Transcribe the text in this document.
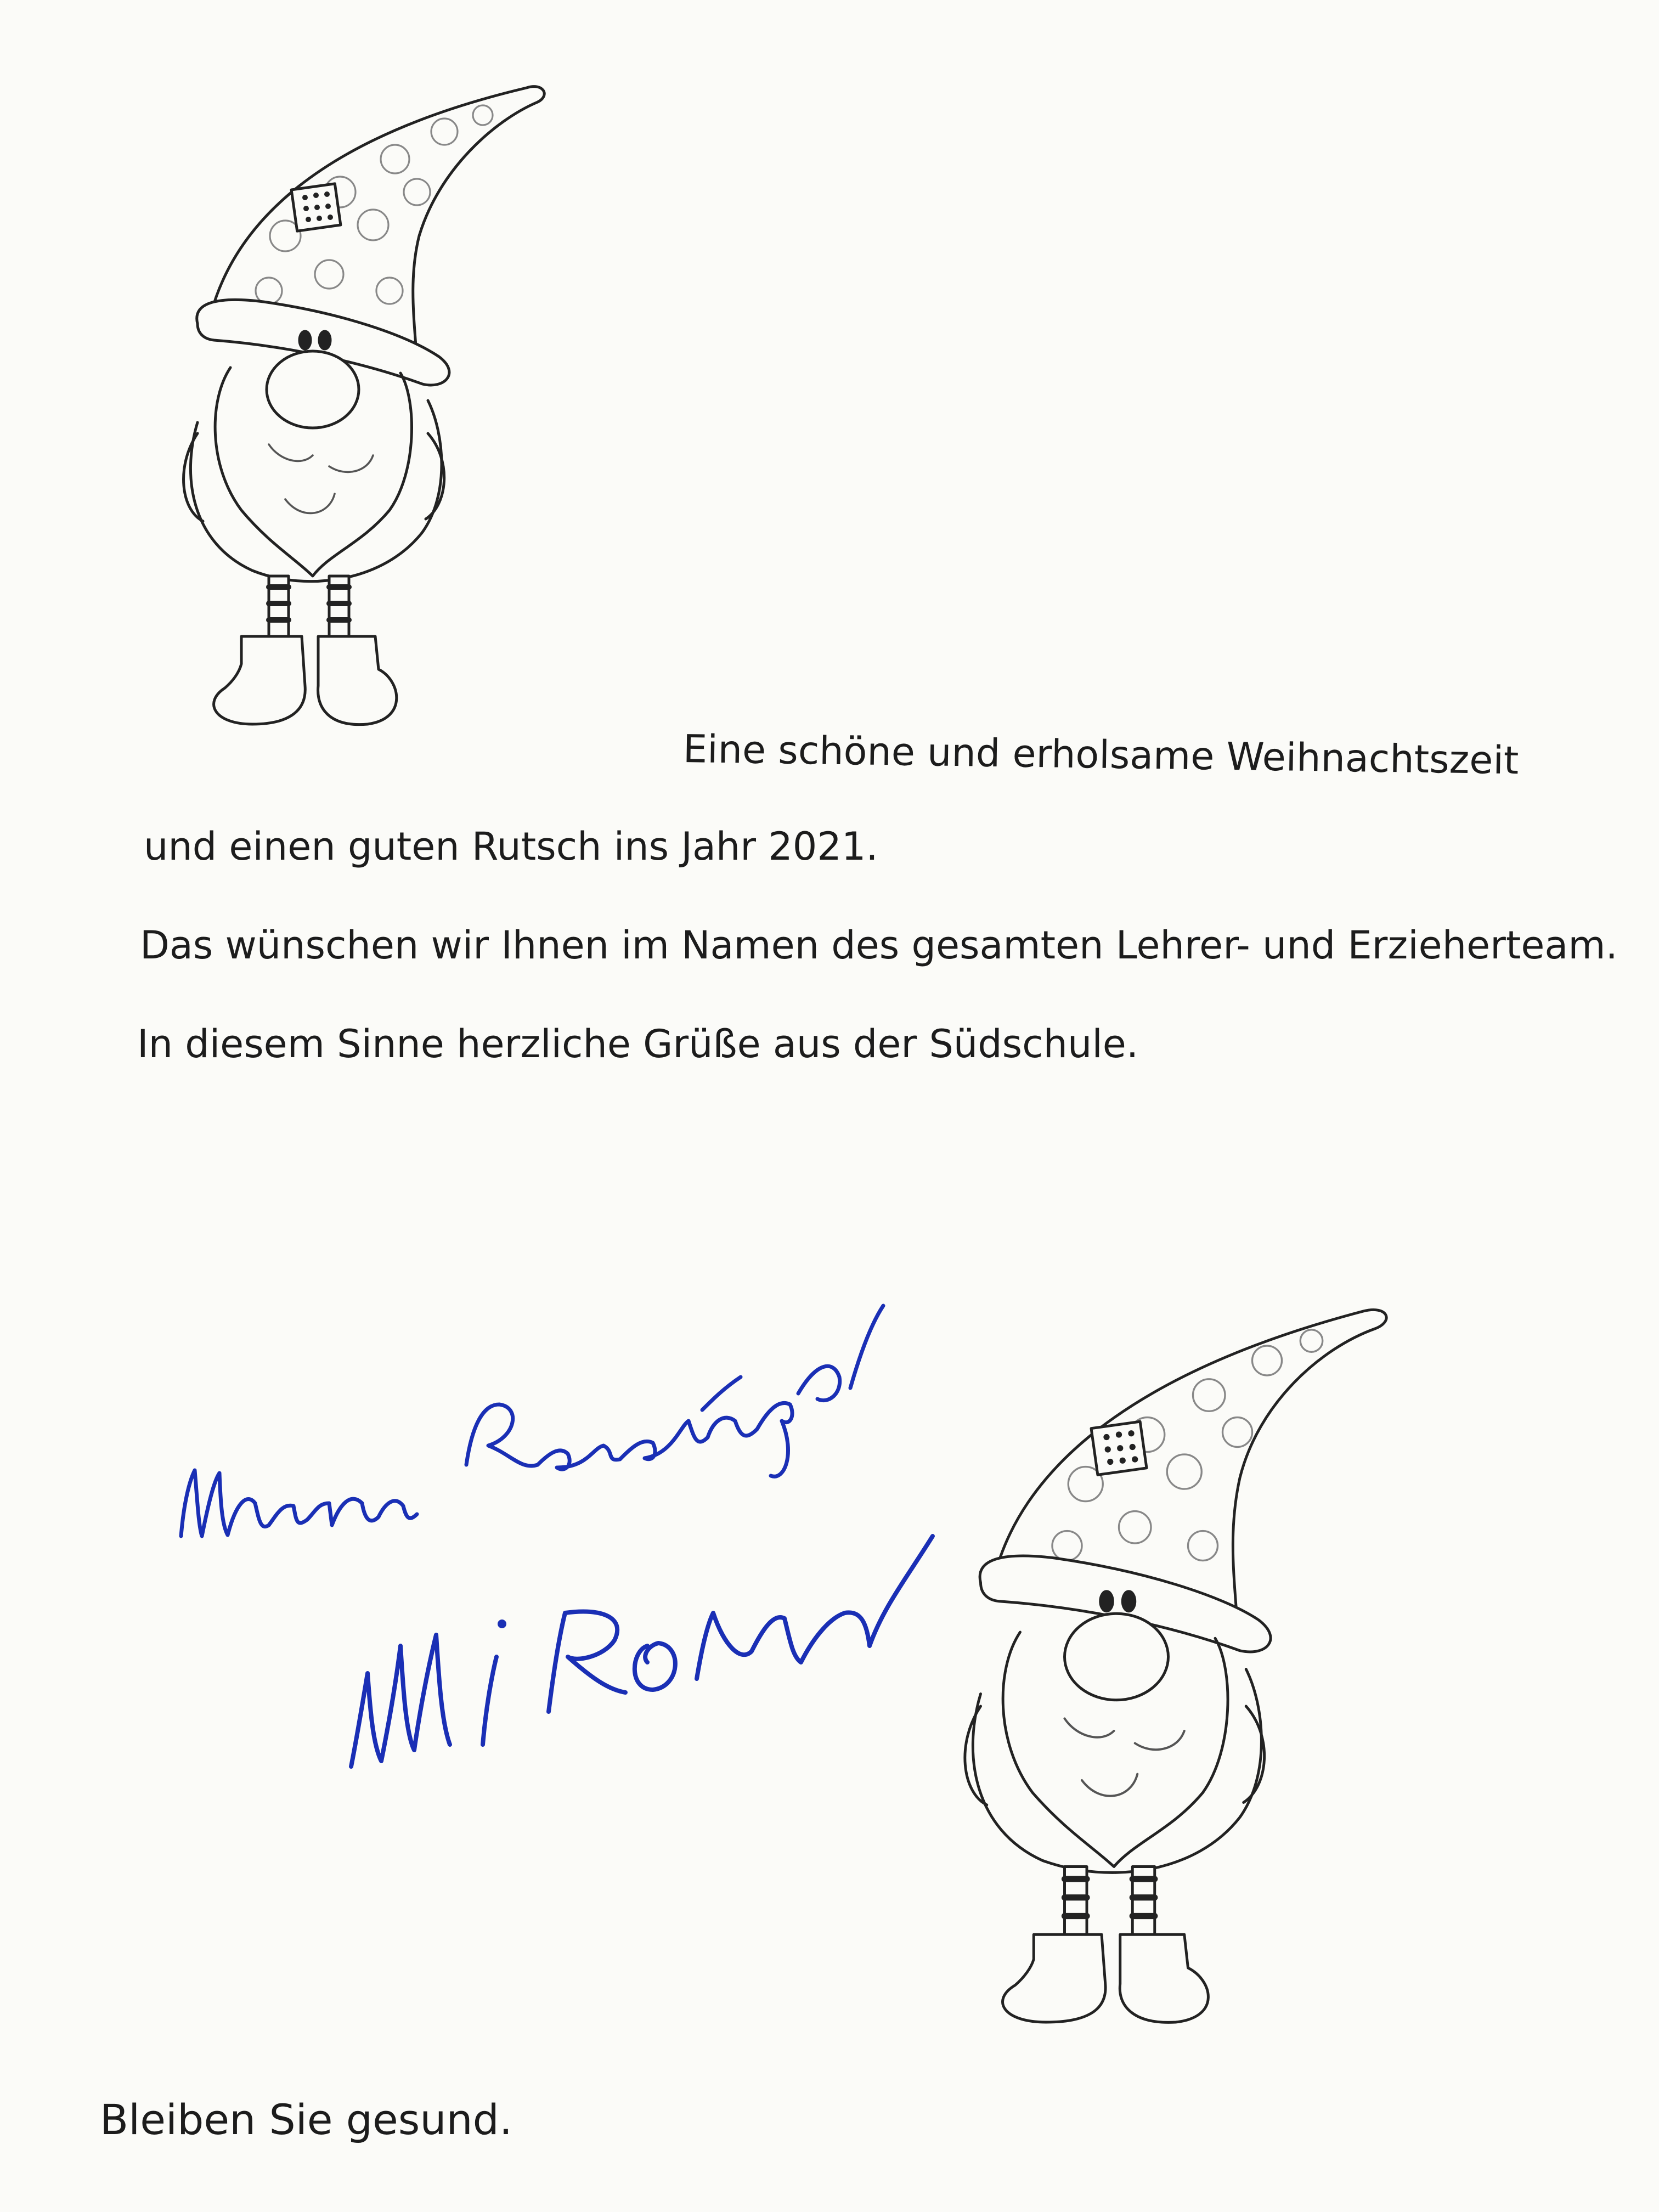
Eine schöne und erholsame Weihnachtszeit

und einen guten Rutsch ins Jahr 2021.

Das wünschen wir Ihnen im Namen des gesamten Lehrer- und Erzieherteam.

In diesem Sinne herzliche Grüße aus der Südschule.

Bleiben Sie gesund.
